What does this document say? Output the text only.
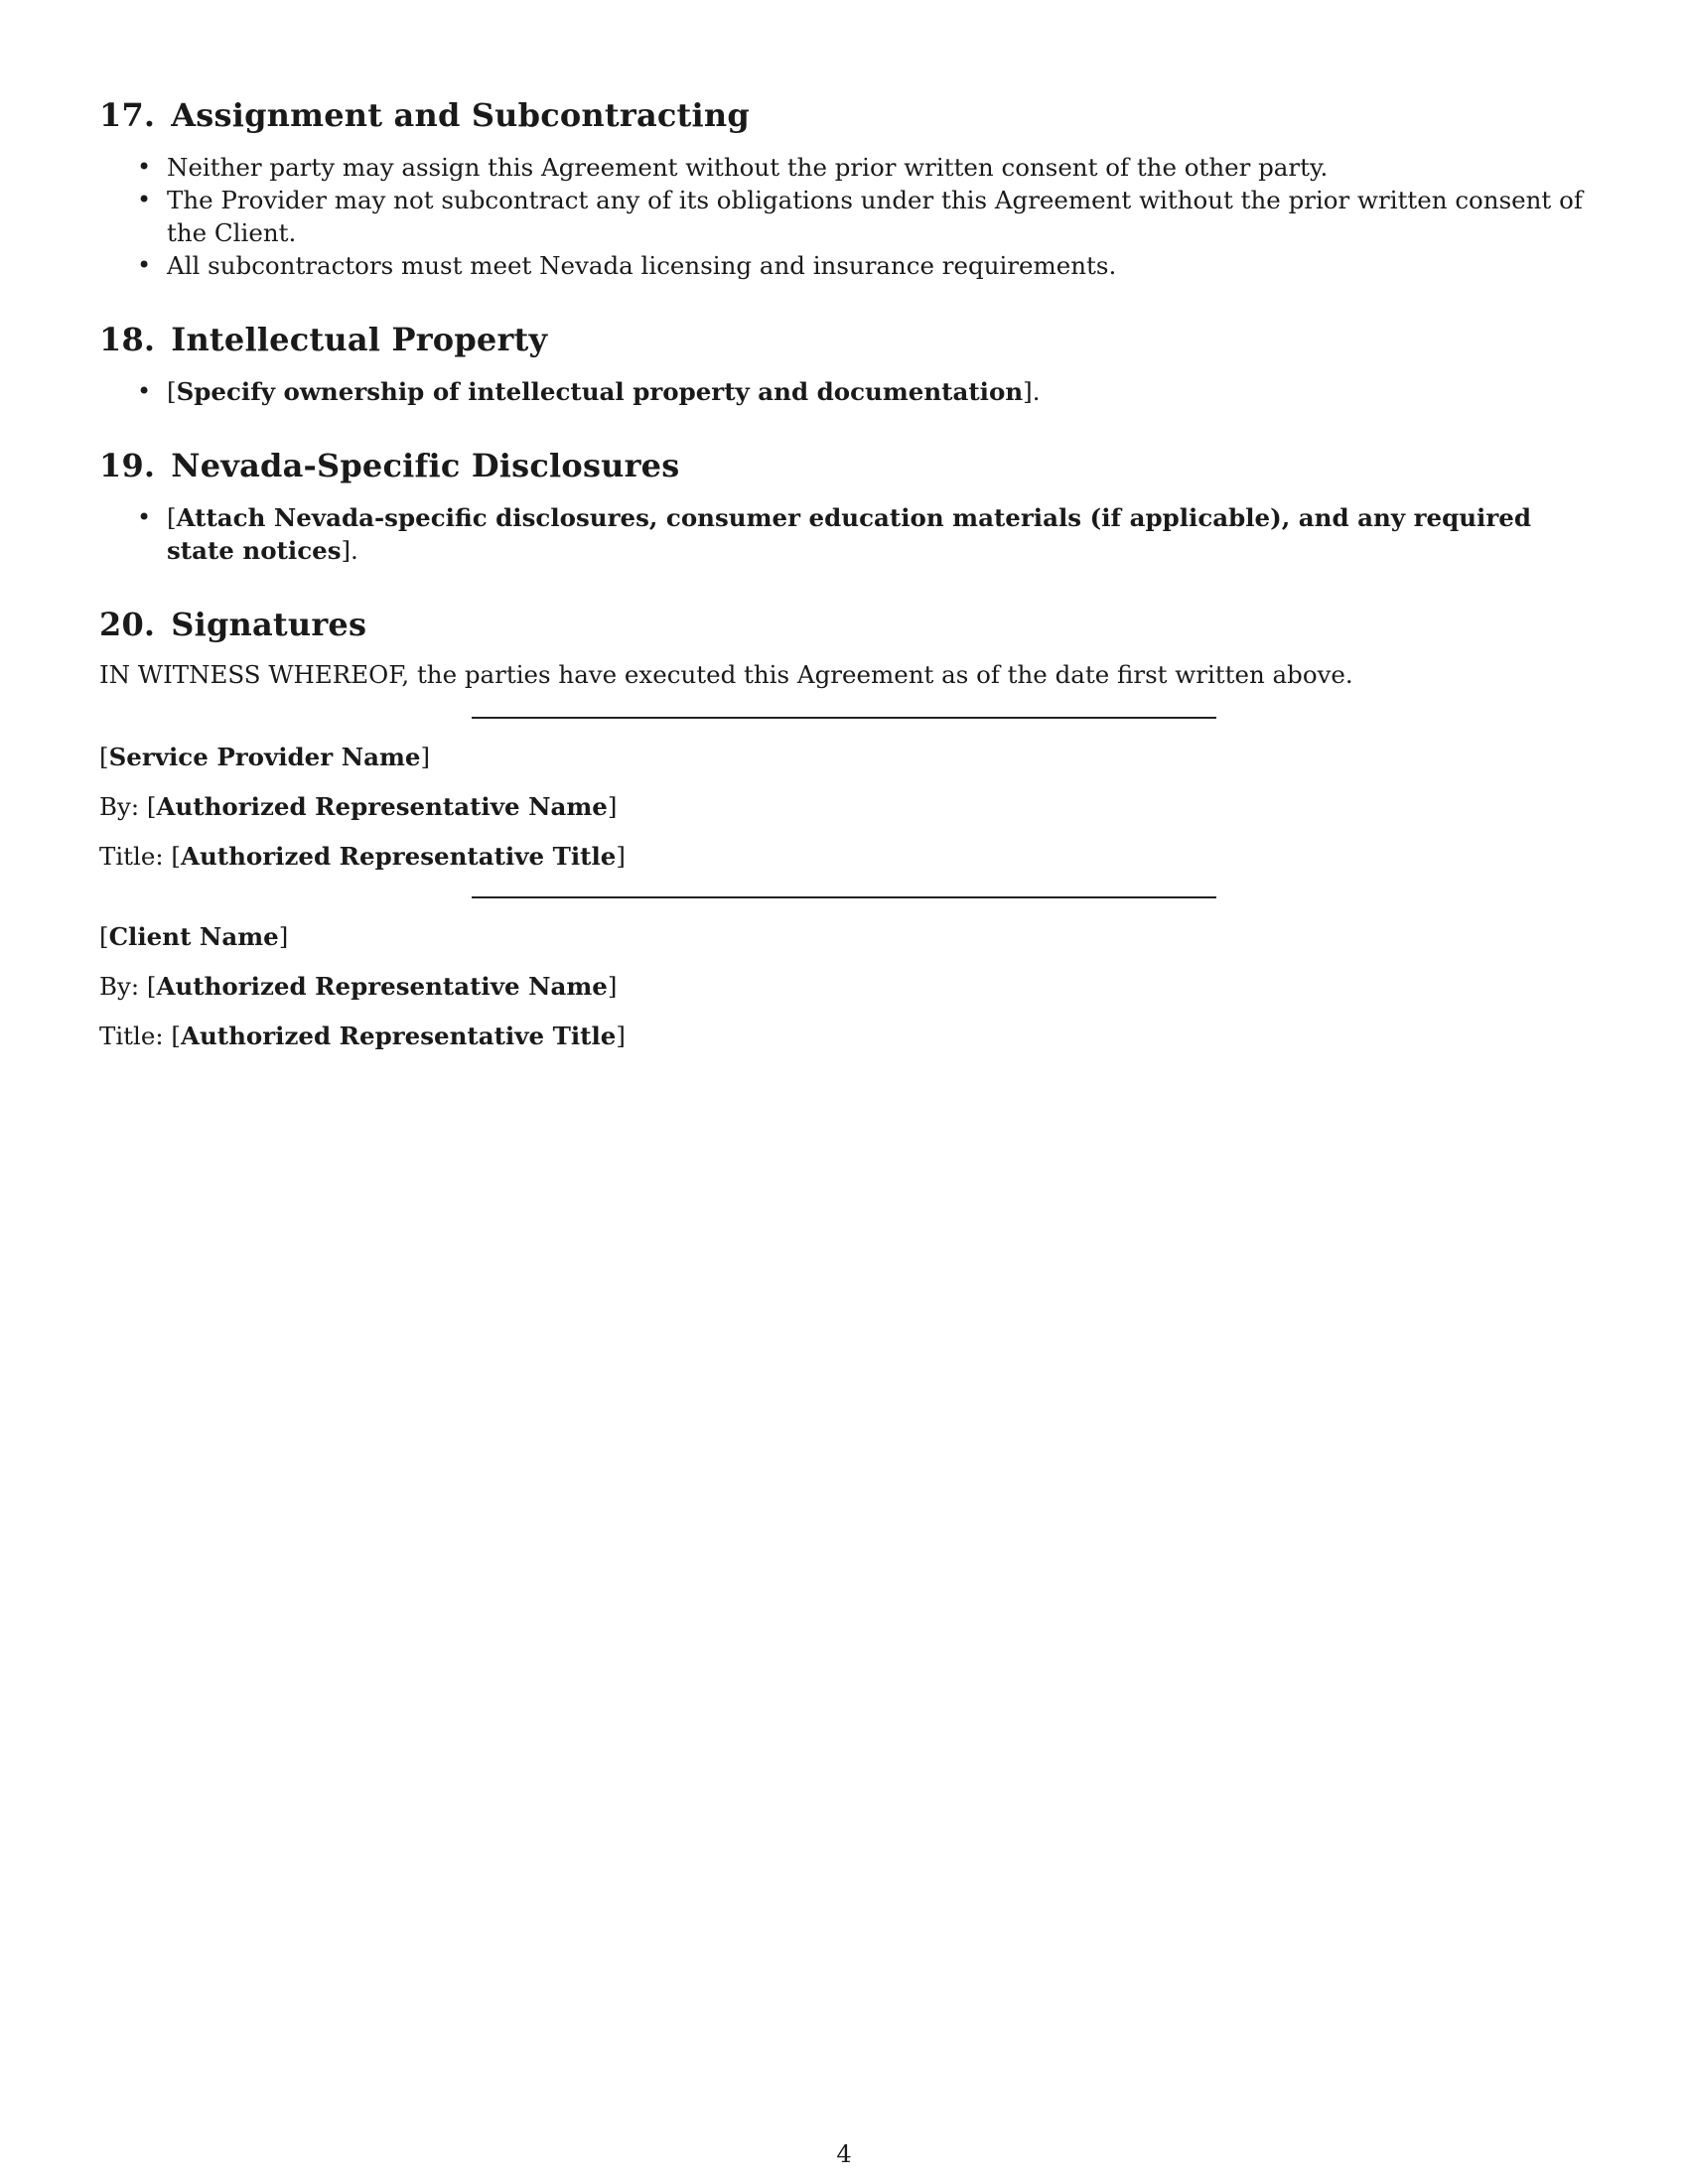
17. Assignment and Subcontracting
• Neither party may assign this Agreement without the prior written consent of the other party.
• The Provider may not subcontract any of its obligations under this Agreement without the prior written consent of the Client.
• All subcontractors must meet Nevada licensing and insurance requirements.
18. Intellectual Property
• [Specify ownership of intellectual property and documentation].
19. Nevada-Specific Disclosures
• [Attach Nevada-specific disclosures, consumer education materials (if applicable), and any required state notices].
20. Signatures

IN WITNESS WHEREOF, the parties have executed this Agreement as of the date first written above.

[Service Provider Name]

By: [Authorized Representative Name]

Title: [Authorized Representative Title]

[Client Name]

By: [Authorized Representative Name]

Title: [Authorized Representative Title]

4
